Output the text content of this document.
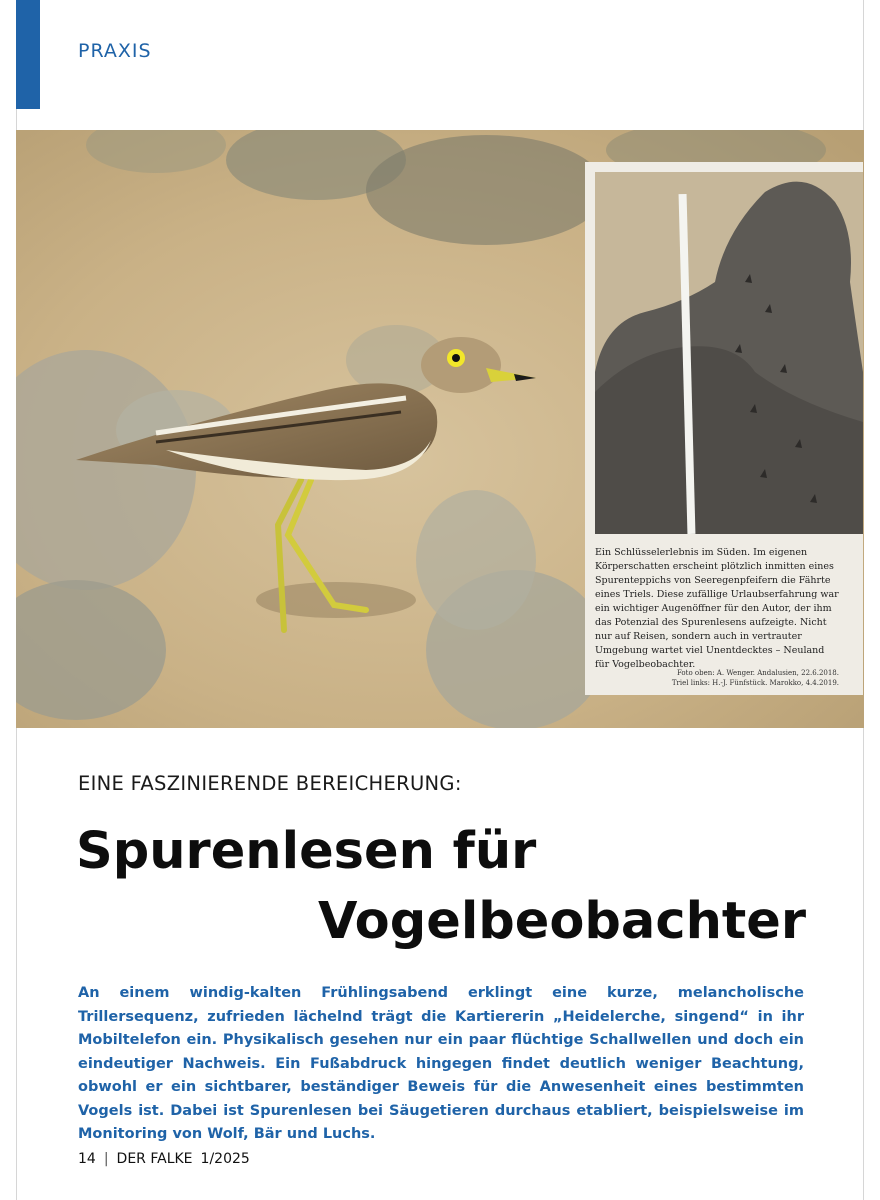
PRAXIS
Ein Schlüsselerlebnis im Süden. Im eigenen Körperschatten erscheint plötzlich inmitten eines Spurenteppichs von Seeregenpfeifern die Fährte eines Triels. Diese zufällige Urlaubserfahrung war ein wichtiger Augenöffner für den Autor, der ihm das Potenzial des Spurenlesens aufzeigte. Nicht nur auf Reisen, sondern auch in vertrauter Umgebung wartet viel Unentdecktes – Neuland für Vogelbeobachter.
Foto oben: A. Wenger. Andalusien, 22.6.2018.
Triel links: H.-J. Fünfstück. Marokko, 4.4.2019.
EINE FASZINIERENDE BEREICHERUNG:
Spurenlesen für
Vogelbeobachter
An einem windig-kalten Frühlingsabend erklingt eine kurze, melancholische Trillersequenz, zufrieden lächelnd trägt die Kartiererin „Heidelerche, singend“ in ihr Mobiltelefon ein. Physikalisch gesehen nur ein paar flüchtige Schallwellen und doch ein eindeutiger Nachweis. Ein Fußabdruck hingegen findet deutlich weniger Beachtung, obwohl er ein sichtbarer, beständiger Beweis für die Anwesenheit eines bestimmten Vogels ist. Dabei ist Spurenlesen bei Säugetieren durchaus etabliert, beispielsweise im Monitoring von Wolf, Bär und Luchs.
14 | DER FALKE 1/2025
